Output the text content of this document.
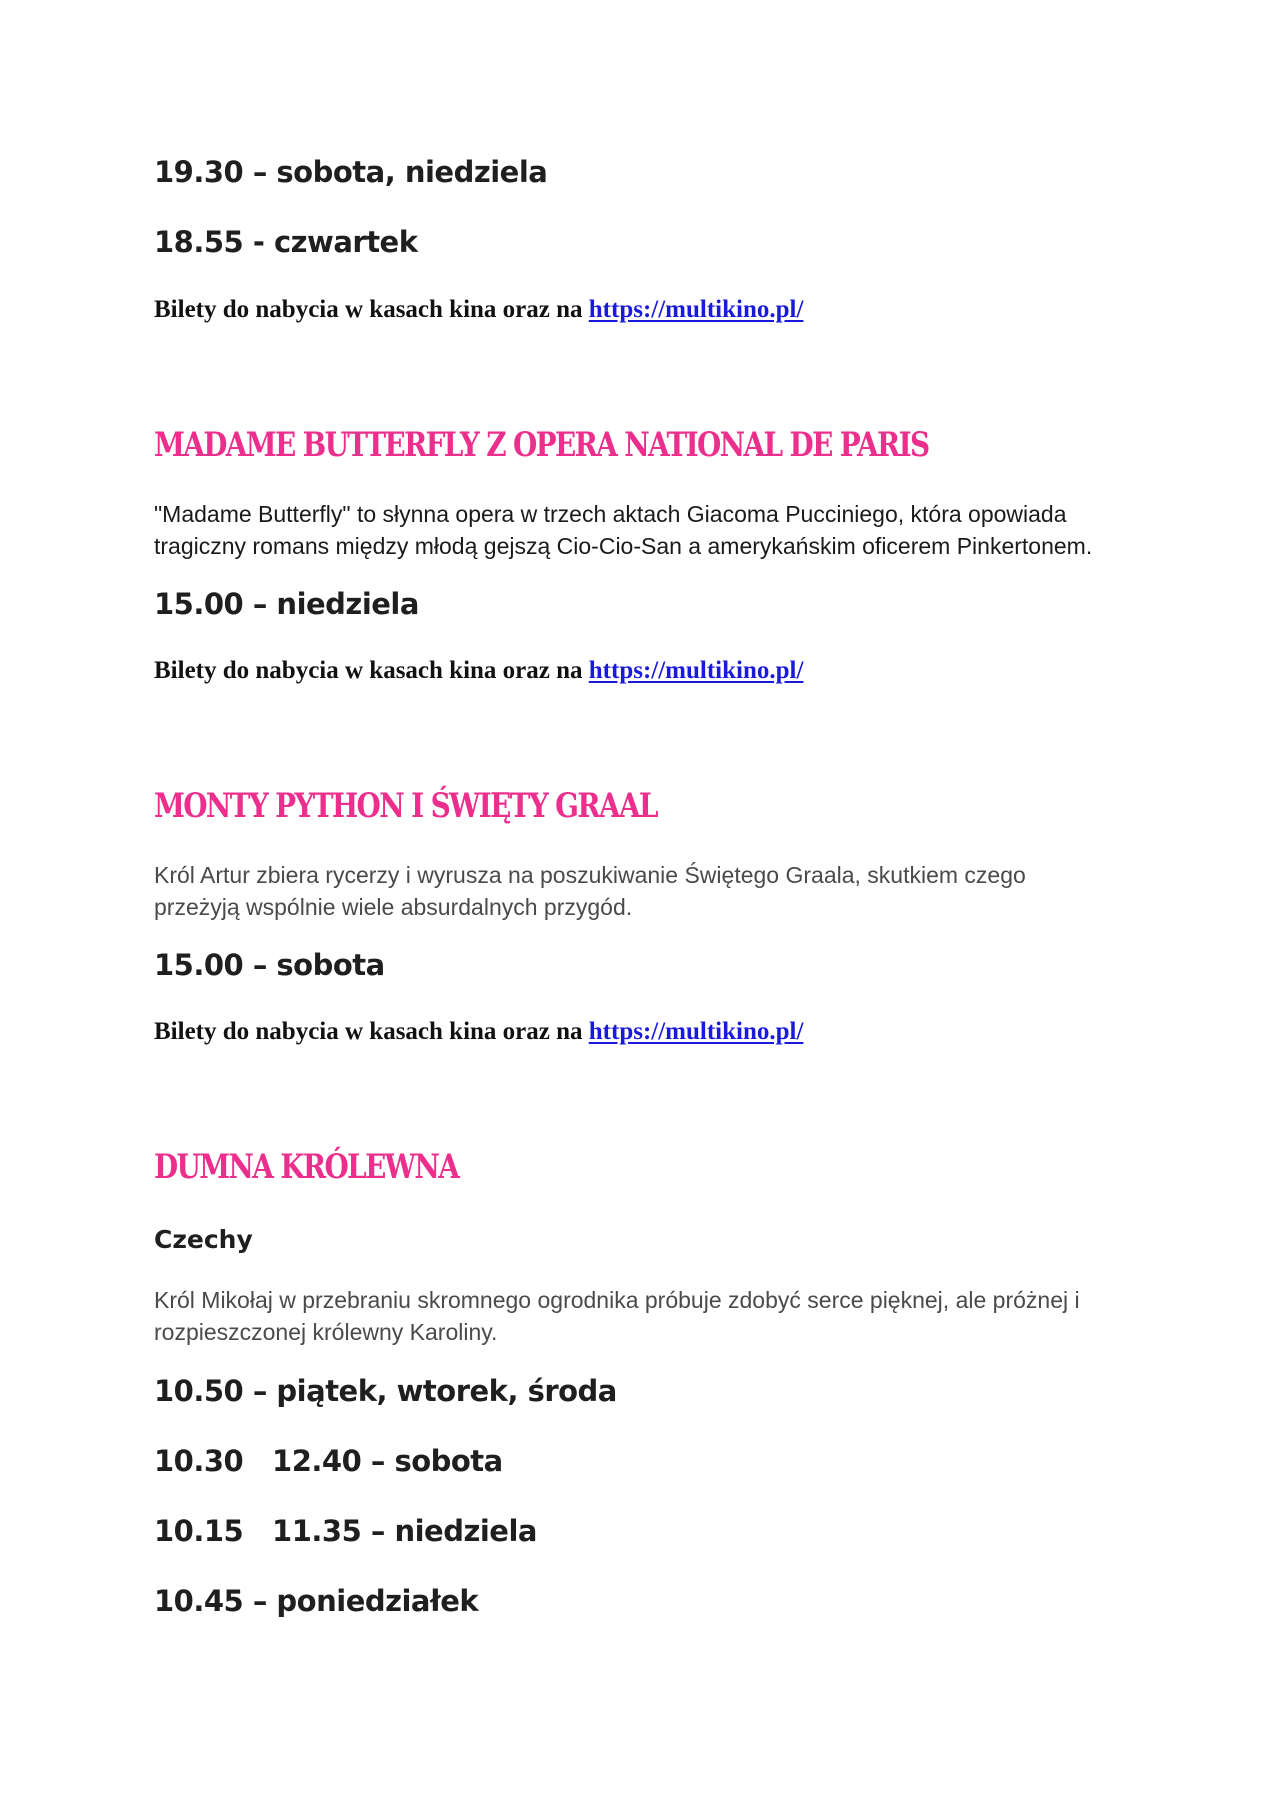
19.30 – sobota, niedziela

18.55 - czwartek

Bilety do nabycia w kasach kina oraz na https://multikino.pl/

MADAME BUTTERFLY Z OPERA NATIONAL DE PARIS

"Madame Butterfly" to słynna opera w trzech aktach Giacoma Pucciniego, która opowiada
tragiczny romans między młodą gejszą Cio-Cio-San a amerykańskim oficerem Pinkertonem.

15.00 – niedziela

Bilety do nabycia w kasach kina oraz na https://multikino.pl/

MONTY PYTHON I ŚWIĘTY GRAAL

Król Artur zbiera rycerzy i wyrusza na poszukiwanie Świętego Graala, skutkiem czego
przeżyją wspólnie wiele absurdalnych przygód.

15.00 – sobota

Bilety do nabycia w kasach kina oraz na https://multikino.pl/

DUMNA KRÓLEWNA

Czechy

Król Mikołaj w przebraniu skromnego ogrodnika próbuje zdobyć serce pięknej, ale próżnej i
rozpieszczonej królewny Karoliny.

10.50 – piątek, wtorek, środa

10.30   12.40 – sobota

10.15   11.35 – niedziela

10.45 – poniedziałek
